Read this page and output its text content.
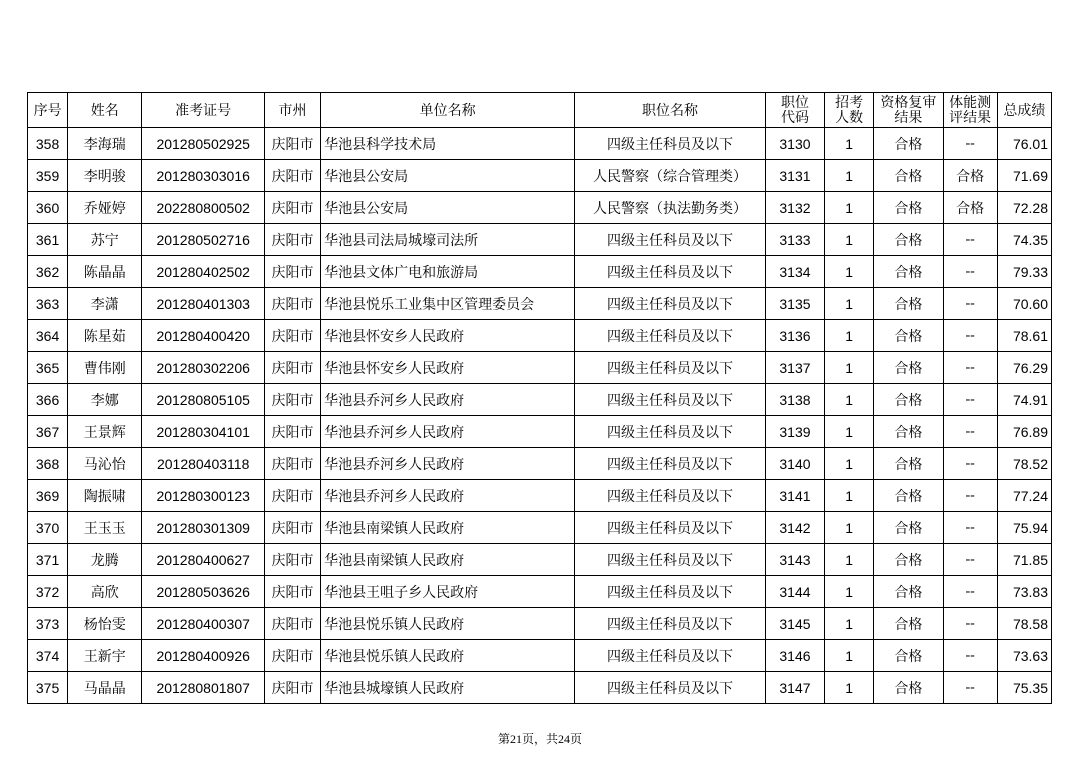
序号	姓名	准考证号	市州	单位名称	职位名称	职位代码	招考人数	资格复审结果	体能测评结果	总成绩
358	李海瑞	201280502925	庆阳市	华池县科学技术局	四级主任科员及以下	3130	1	合格	--	76.01
359	李明骏	201280303016	庆阳市	华池县公安局	人民警察（综合管理类）	3131	1	合格	合格	71.69
360	乔娅婷	202280800502	庆阳市	华池县公安局	人民警察（执法勤务类）	3132	1	合格	合格	72.28
361	苏宁	201280502716	庆阳市	华池县司法局城壕司法所	四级主任科员及以下	3133	1	合格	--	74.35
362	陈晶晶	201280402502	庆阳市	华池县文体广电和旅游局	四级主任科员及以下	3134	1	合格	--	79.33
363	李潇	201280401303	庆阳市	华池县悦乐工业集中区管理委员会	四级主任科员及以下	3135	1	合格	--	70.60
364	陈星茹	201280400420	庆阳市	华池县怀安乡人民政府	四级主任科员及以下	3136	1	合格	--	78.61
365	曹伟刚	201280302206	庆阳市	华池县怀安乡人民政府	四级主任科员及以下	3137	1	合格	--	76.29
366	李娜	201280805105	庆阳市	华池县乔河乡人民政府	四级主任科员及以下	3138	1	合格	--	74.91
367	王景辉	201280304101	庆阳市	华池县乔河乡人民政府	四级主任科员及以下	3139	1	合格	--	76.89
368	马沁怡	201280403118	庆阳市	华池县乔河乡人民政府	四级主任科员及以下	3140	1	合格	--	78.52
369	陶振啸	201280300123	庆阳市	华池县乔河乡人民政府	四级主任科员及以下	3141	1	合格	--	77.24
370	王玉玉	201280301309	庆阳市	华池县南梁镇人民政府	四级主任科员及以下	3142	1	合格	--	75.94
371	龙腾	201280400627	庆阳市	华池县南梁镇人民政府	四级主任科员及以下	3143	1	合格	--	71.85
372	高欣	201280503626	庆阳市	华池县王咀子乡人民政府	四级主任科员及以下	3144	1	合格	--	73.83
373	杨怡雯	201280400307	庆阳市	华池县悦乐镇人民政府	四级主任科员及以下	3145	1	合格	--	78.58
374	王新宇	201280400926	庆阳市	华池县悦乐镇人民政府	四级主任科员及以下	3146	1	合格	--	73.63
375	马晶晶	201280801807	庆阳市	华池县城壕镇人民政府	四级主任科员及以下	3147	1	合格	--	75.35
第21页，共24页
